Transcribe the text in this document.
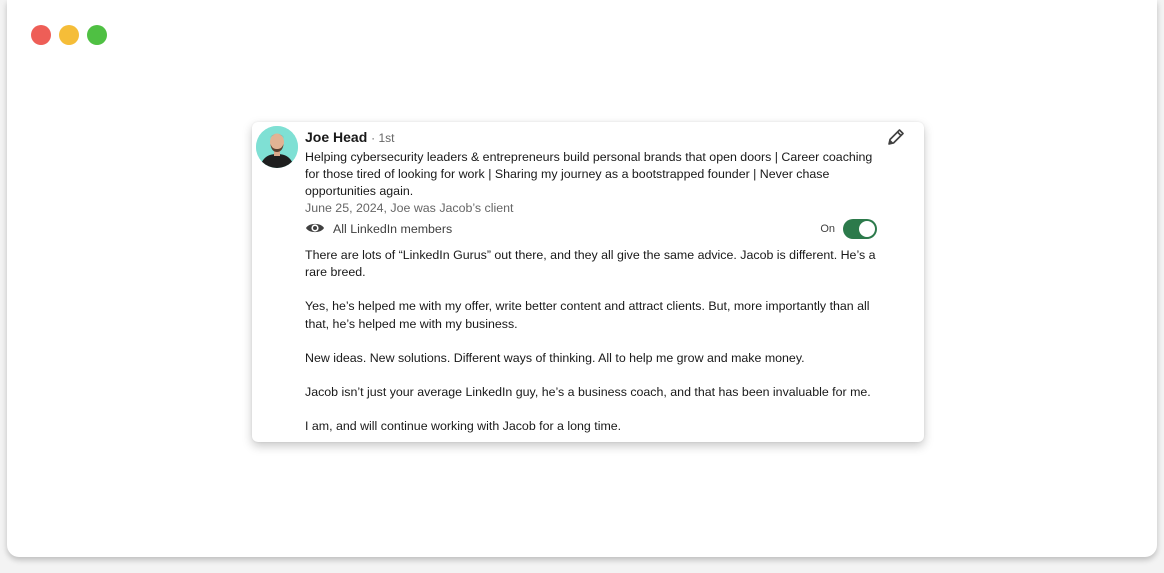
Joe Head · 1st
Helping cybersecurity leaders & entrepreneurs build personal brands that open doors | Career coaching for those tired of looking for work | Sharing my journey as a bootstrapped founder | Never chase opportunities again.
June 25, 2024, Joe was Jacob’s client
All LinkedIn members	On

There are lots of “LinkedIn Gurus” out there, and they all give the same advice. Jacob is different. He’s a rare breed.

Yes, he’s helped me with my offer, write better content and attract clients. But, more importantly than all that, he’s helped me with my business.

New ideas. New solutions. Different ways of thinking. All to help me grow and make money.

Jacob isn’t just your average LinkedIn guy, he’s a business coach, and that has been invaluable for me.

I am, and will continue working with Jacob for a long time.
